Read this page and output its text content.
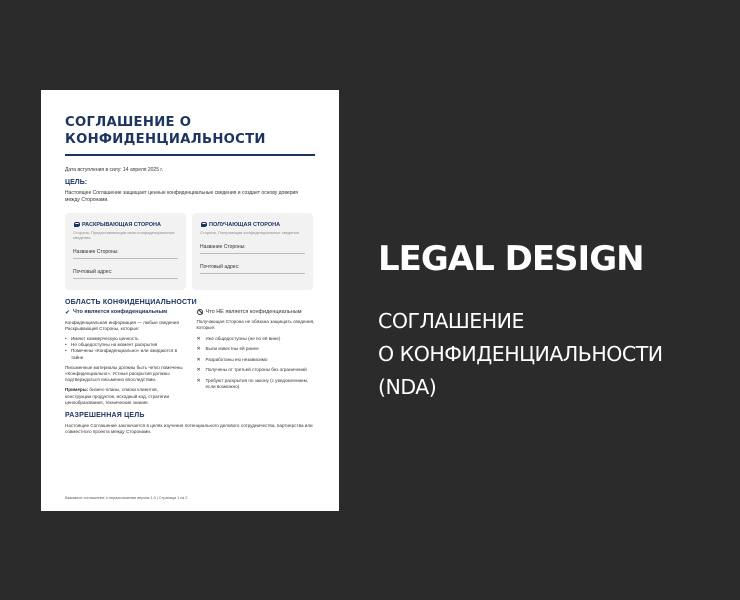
СОГЛАШЕНИЕ О КОНФИДЕНЦИАЛЬНОСТИ
Дата вступления в силу: 14 апреля 2025 г.
ЦЕЛЬ:
Настоящее Соглашение защищает ценные конфиденциальные сведения и создает основу доверия между Сторонами.
РАСКРЫВАЮЩАЯ СТОРОНА
Сторона, Предоставляющая свою конфиденциальные сведения
Название Стороны:
Почтовый адрес:
ПОЛУЧАЮЩАЯ СТОРОНА
Сторона, Получающая конфиденциальные сведения
Название Стороны:
Почтовый адрес:
ОБЛАСТЬ КОНФИДЕНЦИАЛЬНОСТИ
✔ Что является конфиденциальным
Конфиденциальная информация — любые сведения Раскрывающей Стороны, которые:
• Имеют коммерческую ценность
• Не общедоступны на момент раскрытия
• Помечены «Конфиденциально» или ожидаются в тайне
Письменные материалы должны быть четко помечены «Конфиденциально». Устные раскрытия должны подтверждаться письменно впоследствии.
Примеры: бизнес-планы, списки клиентов, конструкции продуктов, исходный код, стратегии ценообразования, технические знания.
Что НЕ является конфиденциальным
Получающая Сторона не обязана защищать сведения, которые:
✕ Уже общедоступны (не по её вине)
✕ Были известны ей ранее
✕ Разработаны ею независимо
✕ Получены от третьей стороны без ограничений
✕ Требуют раскрытия по закону (с уведомлением, если возможно)
РАЗРЕШЕННАЯ ЦЕЛЬ
Настоящее Соглашение заключается в целях изучения потенциального делового сотрудничества, партнерства или совместного проекта между Сторонами.
Взаимное соглашение о неразглашении версия 1.0 | Страница 1 из 2
LEGAL DESIGN
СОГЛАШЕНИЕ
О КОНФИДЕНЦИАЛЬНОСТИ
(NDA)
